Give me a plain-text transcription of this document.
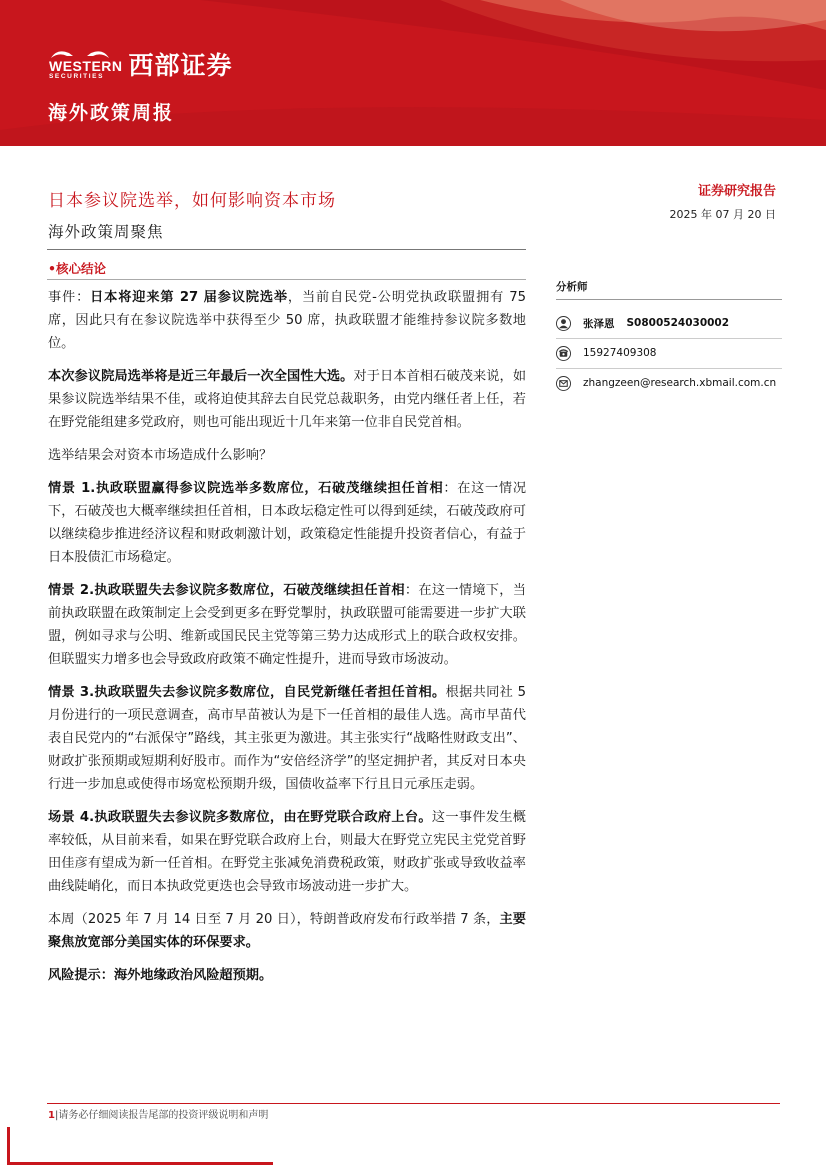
WESTERN
SECURITIES 西部证券
海外政策周报
日本参议院选举，如何影响资本市场
海外政策周聚焦
•核心结论
证券研究报告
2025 年 07 月 20 日

事件：日本将迎来第 27 届参议院选举，当前自民党-公明党执政联盟拥有 75 席，因此只有在参议院选举中获得至少 50 席，执政联盟才能维持参议院多数地位。

本次参议院局选举将是近三年最后一次全国性大选。对于日本首相石破茂来说，如果参议院选举结果不佳，或将迫使其辞去自民党总裁职务，由党内继任者上任，若在野党能组建多党政府，则也可能出现近十几年来第一位非自民党首相。

选举结果会对资本市场造成什么影响？

情景 1.执政联盟赢得参议院选举多数席位，石破茂继续担任首相：在这一情况下，石破茂也大概率继续担任首相，日本政坛稳定性可以得到延续，石破茂政府可以继续稳步推进经济议程和财政刺激计划，政策稳定性能提升投资者信心，有益于日本股债汇市场稳定。

情景 2.执政联盟失去参议院多数席位，石破茂继续担任首相：在这一情境下，当前执政联盟在政策制定上会受到更多在野党掣肘，执政联盟可能需要进一步扩大联盟，例如寻求与公明、维新或国民民主党等第三势力达成形式上的联合政权安排。但联盟实力增多也会导致政府政策不确定性提升，进而导致市场波动。

情景 3.执政联盟失去参议院多数席位，自民党新继任者担任首相。根据共同社 5 月份进行的一项民意调查，高市早苗被认为是下一任首相的最佳人选。高市早苗代表自民党内的“右派保守”路线，其主张更为激进。其主张实行“战略性财政支出”、财政扩张预期或短期利好股市。而作为“安倍经济学”的坚定拥护者，其反对日本央行进一步加息或使得市场宽松预期升级，国债收益率下行且日元承压走弱。

场景 4.执政联盟失去参议院多数席位，由在野党联合政府上台。这一事件发生概率较低，从目前来看，如果在野党联合政府上台，则最大在野党立宪民主党党首野田佳彦有望成为新一任首相。在野党主张减免消费税政策，财政扩张或导致收益率曲线陡峭化，而日本执政党更迭也会导致市场波动进一步扩大。

本周（2025 年 7 月 14 日至 7 月 20 日），特朗普政府发布行政举措 7 条，主要聚焦放宽部分美国实体的环保要求。

风险提示：海外地缘政治风险超预期。

分析师
张泽恩 S0800524030002
15927409308
zhangzeen@research.xbmail.com.cn
1|请务必仔细阅读报告尾部的投资评级说明和声明
